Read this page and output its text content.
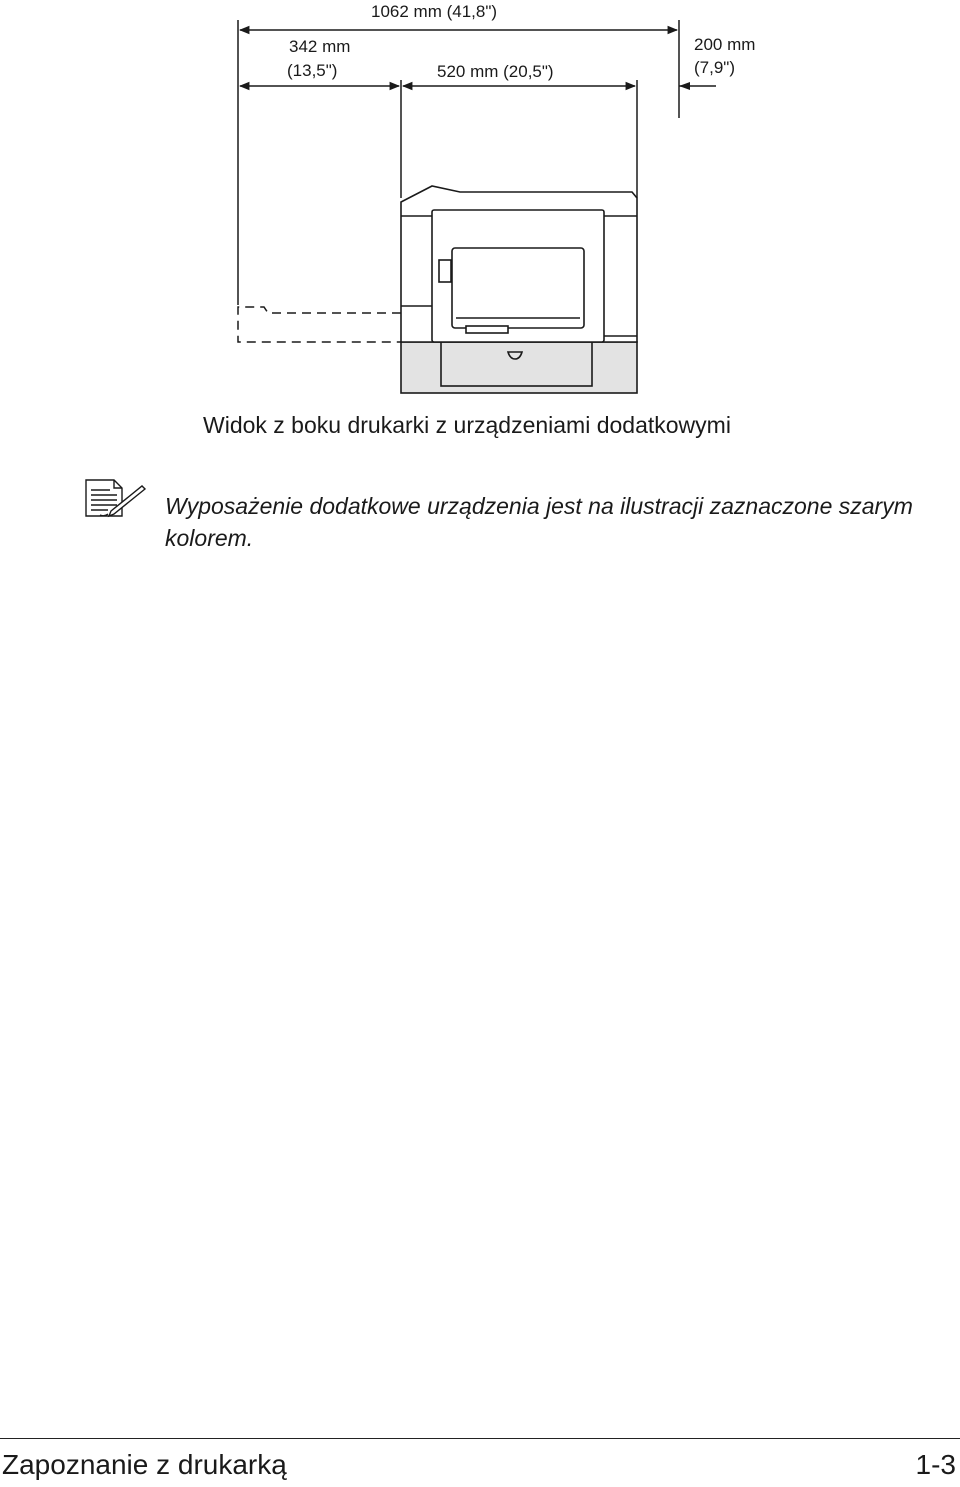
1062 mm (41,8")
342 mm
(13,5")	520 mm (20,5")
200 mm
(7,9")
Widok z boku drukarki z urządzeniami dodatkowymi
Wyposażenie dodatkowe urządzenia jest na ilustracji zaznaczone szarym kolorem.
Zapoznanie z drukarką	1-3
